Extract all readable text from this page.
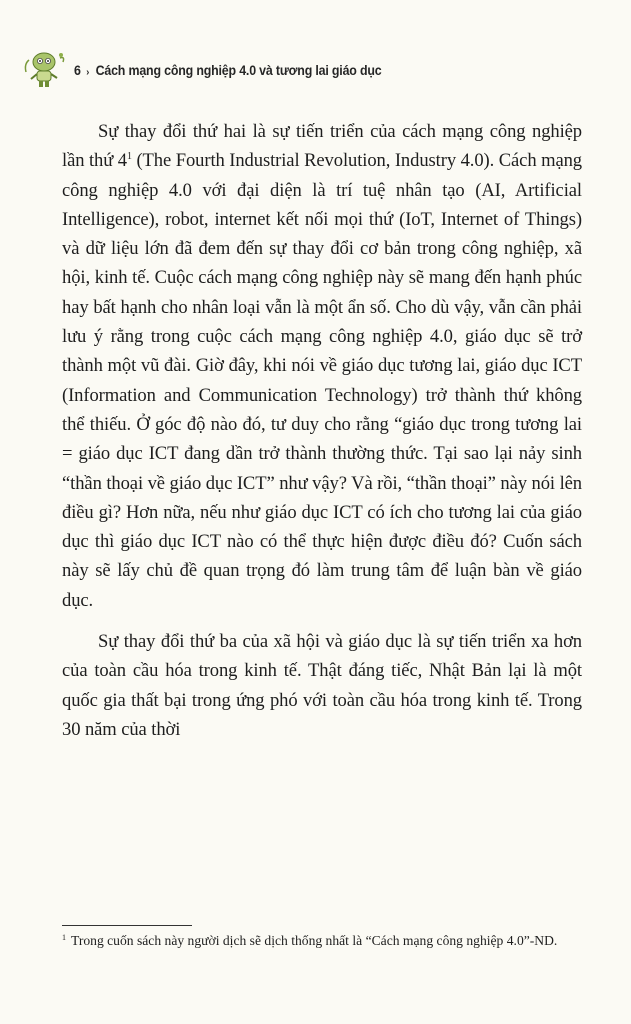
6 › Cách mạng công nghiệp 4.0 và tương lai giáo dục

Sự thay đổi thứ hai là sự tiến triển của cách mạng công nghiệp lần thứ $4^1$ (The Fourth Industrial Revolution, Industry 4.0). Cách mạng công nghiệp 4.0 với đại diện là trí tuệ nhân tạo (AI, Artificial Intelligence), robot, internet kết nối mọi thứ (IoT, Internet of Things) và dữ liệu lớn đã đem đến sự thay đổi cơ bản trong công nghiệp, xã hội, kinh tế. Cuộc cách mạng công nghiệp này sẽ mang đến hạnh phúc hay bất hạnh cho nhân loại vẫn là một ẩn số. Cho dù vậy, vẫn cần phải lưu ý rằng trong cuộc cách mạng công nghiệp 4.0, giáo dục sẽ trở thành một vũ đài. Giờ đây, khi nói về giáo dục tương lai, giáo dục ICT (Information and Communication Technology) trở thành thứ không thể thiếu. Ở góc độ nào đó, tư duy cho rằng “giáo dục trong tương lai = giáo dục ICT đang dần trở thành thường thức. Tại sao lại nảy sinh “thần thoại về giáo dục ICT” như vậy? Và rồi, “thần thoại” này nói lên điều gì? Hơn nữa, nếu như giáo dục ICT có ích cho tương lai của giáo dục thì giáo dục ICT nào có thể thực hiện được điều đó? Cuốn sách này sẽ lấy chủ đề quan trọng đó làm trung tâm để luận bàn về giáo dục.

Sự thay đổi thứ ba của xã hội và giáo dục là sự tiến triển xa hơn của toàn cầu hóa trong kinh tế. Thật đáng tiếc, Nhật Bản lại là một quốc gia thất bại trong ứng phó với toàn cầu hóa trong kinh tế. Trong 30 năm của thời

$^1$ Trong cuốn sách này người dịch sẽ dịch thống nhất là “Cách mạng công nghiệp 4.0”-ND.
